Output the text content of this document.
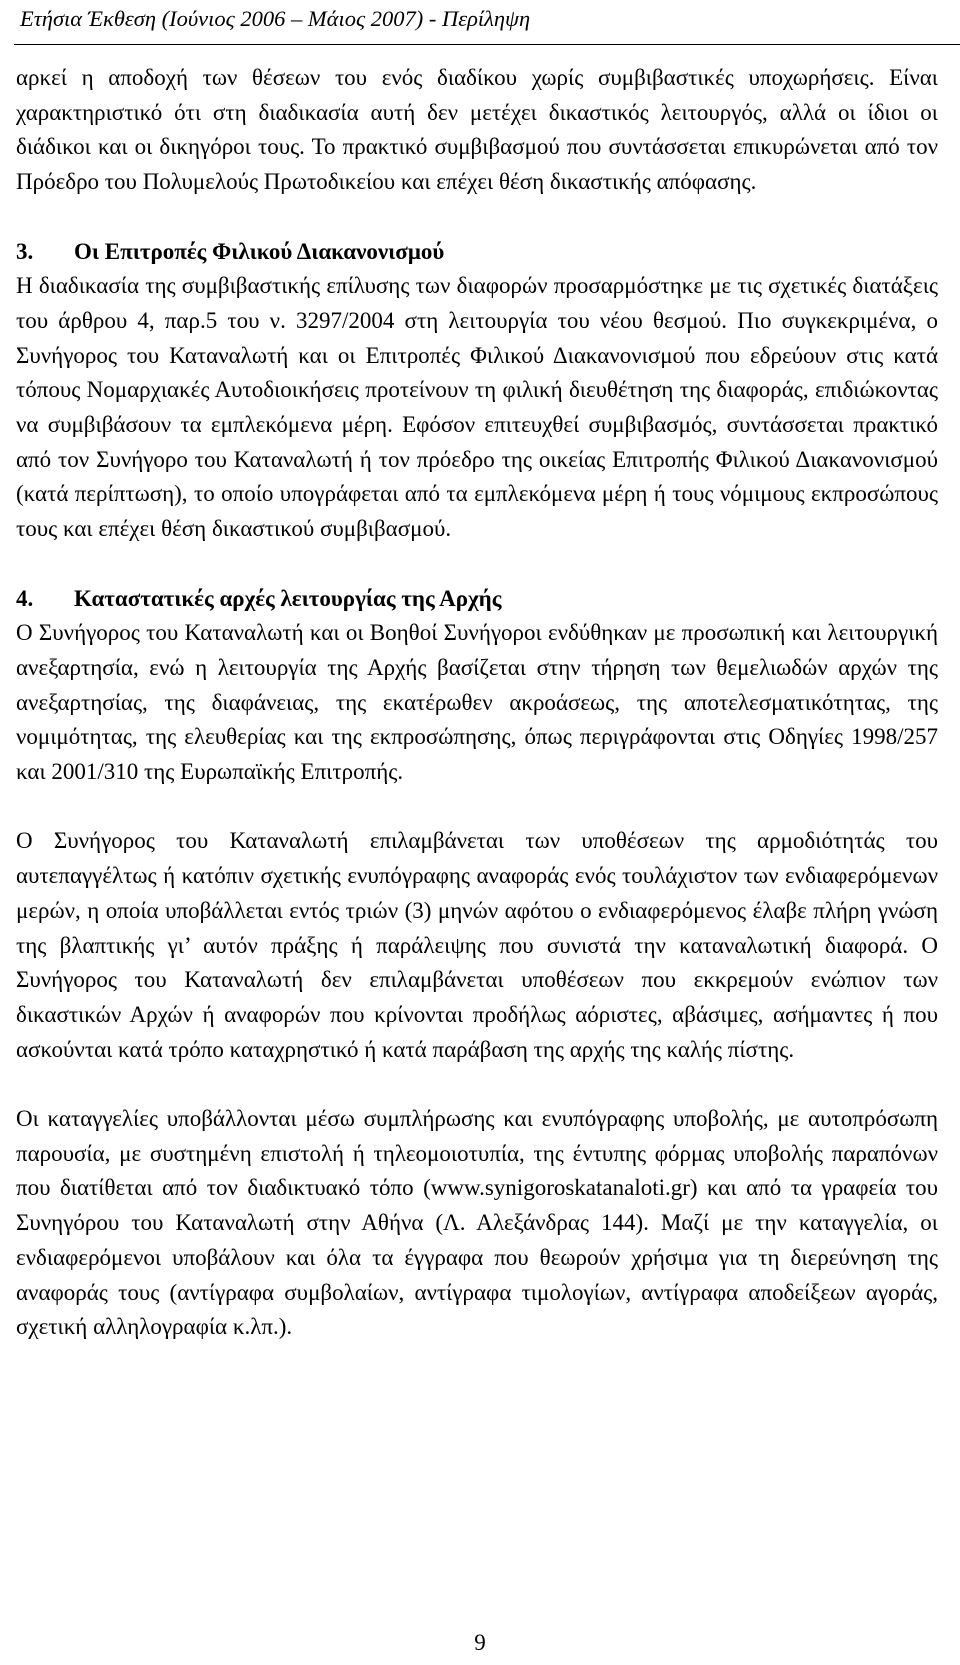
Ετήσια Έκθεση (Ιούνιος 2006 – Μάιος 2007) - Περίληψη

αρκεί η αποδοχή των θέσεων του ενός διαδίκου χωρίς συμβιβαστικές υποχωρήσεις. Είναι χαρακτηριστικό ότι στη διαδικασία αυτή δεν μετέχει δικαστικός λειτουργός, αλλά οι ίδιοι οι διάδικοι και οι δικηγόροι τους. Το πρακτικό συμβιβασμού που συντάσσεται επικυρώνεται από τον Πρόεδρο του Πολυμελούς Πρωτοδικείου και επέχει θέση δικαστικής απόφασης.

3. Οι Επιτροπές Φιλικού Διακανονισμού

Η διαδικασία της συμβιβαστικής επίλυσης των διαφορών προσαρμόστηκε με τις σχετικές διατάξεις του άρθρου 4, παρ.5 του ν. 3297/2004 στη λειτουργία του νέου θεσμού. Πιο συγκεκριμένα, ο Συνήγορος του Καταναλωτή και οι Επιτροπές Φιλικού Διακανονισμού που εδρεύουν στις κατά τόπους Νομαρχιακές Αυτοδιοικήσεις προτείνουν τη φιλική διευθέτηση της διαφοράς, επιδιώκοντας να συμβιβάσουν τα εμπλεκόμενα μέρη. Εφόσον επιτευχθεί συμβιβασμός, συντάσσεται πρακτικό από τον Συνήγορο του Καταναλωτή ή τον πρόεδρο της οικείας Επιτροπής Φιλικού Διακανονισμού (κατά περίπτωση), το οποίο υπογράφεται από τα εμπλεκόμενα μέρη ή τους νόμιμους εκπροσώπους τους και επέχει θέση δικαστικού συμβιβασμού.

4. Καταστατικές αρχές λειτουργίας της Αρχής

Ο Συνήγορος του Καταναλωτή και οι Βοηθοί Συνήγοροι ενδύθηκαν με προσωπική και λειτουργική ανεξαρτησία, ενώ η λειτουργία της Αρχής βασίζεται στην τήρηση των θεμελιωδών αρχών της ανεξαρτησίας, της διαφάνειας, της εκατέρωθεν ακροάσεως, της αποτελεσματικότητας, της νομιμότητας, της ελευθερίας και της εκπροσώπησης, όπως περιγράφονται στις Οδηγίες 1998/257 και 2001/310 της Ευρωπαϊκής Επιτροπής.

Ο Συνήγορος του Καταναλωτή επιλαμβάνεται των υποθέσεων της αρμοδιότητάς του αυτεπαγγέλτως ή κατόπιν σχετικής ενυπόγραφης αναφοράς ενός τουλάχιστον των ενδιαφερόμενων μερών, η οποία υποβάλλεται εντός τριών (3) μηνών αφότου ο ενδιαφερόμενος έλαβε πλήρη γνώση της βλαπτικής γι’ αυτόν πράξης ή παράλειψης που συνιστά την καταναλωτική διαφορά. Ο Συνήγορος του Καταναλωτή δεν επιλαμβάνεται υποθέσεων που εκκρεμούν ενώπιον των δικαστικών Αρχών ή αναφορών που κρίνονται προδήλως αόριστες, αβάσιμες, ασήμαντες ή που ασκούνται κατά τρόπο καταχρηστικό ή κατά παράβαση της αρχής της καλής πίστης.

Οι καταγγελίες υποβάλλονται μέσω συμπλήρωσης και ενυπόγραφης υποβολής, με αυτοπρόσωπη παρουσία, με συστημένη επιστολή ή τηλεομοιοτυπία, της έντυπης φόρμας υποβολής παραπόνων που διατίθεται από τον διαδικτυακό τόπο (www.synigoroskatanaloti.gr) και από τα γραφεία του Συνηγόρου του Καταναλωτή στην Αθήνα (Λ. Αλεξάνδρας 144). Μαζί με την καταγγελία, οι ενδιαφερόμενοι υποβάλουν και όλα τα έγγραφα που θεωρούν χρήσιμα για τη διερεύνηση της αναφοράς τους (αντίγραφα συμβολαίων, αντίγραφα τιμολογίων, αντίγραφα αποδείξεων αγοράς, σχετική αλληλογραφία κ.λπ.).

9
